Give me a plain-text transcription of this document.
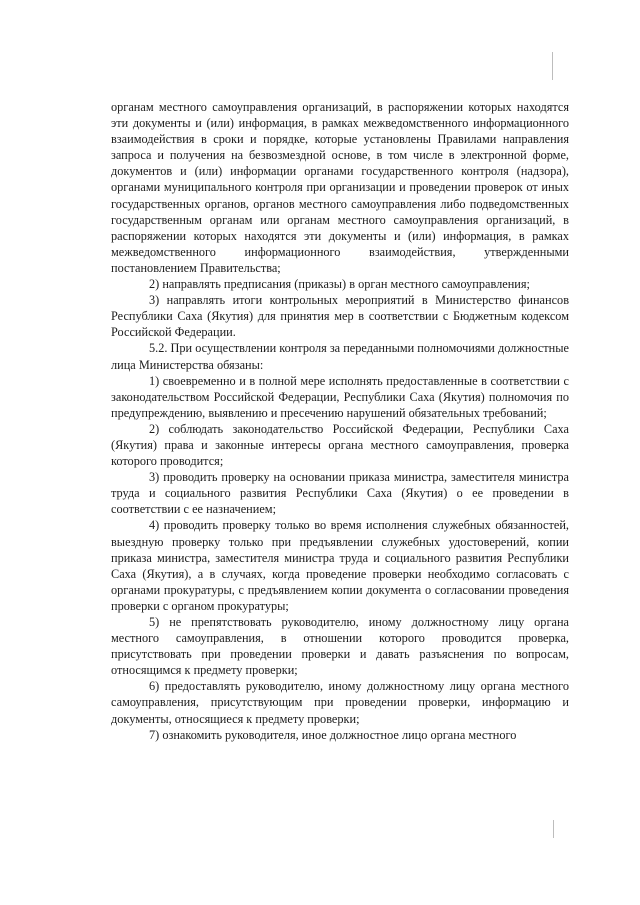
органам местного самоуправления организаций, в распоряжении которых находятся эти документы и (или) информация, в рамках межведомственного информационного взаимодействия в сроки и порядке, которые установлены Правилами направления запроса и получения на безвозмездной основе, в том числе в электронной форме, документов и (или) информации органами государственного контроля (надзора), органами муниципального контроля при организации и проведении проверок от иных государственных органов, органов местного самоуправления либо подведомственных государственным органам или органам местного самоуправления организаций, в распоряжении которых находятся эти документы и (или) информация, в рамках межведомственного информационного взаимодействия, утвержденными постановлением Правительства;

2) направлять предписания (приказы) в орган местного самоуправления;

3) направлять итоги контрольных мероприятий в Министерство финансов Республики Саха (Якутия) для принятия мер в соответствии с Бюджетным кодексом Российской Федерации.

5.2. При осуществлении контроля за переданными полномочиями должностные лица Министерства обязаны:

1) своевременно и в полной мере исполнять предоставленные в соответствии с законодательством Российской Федерации, Республики Саха (Якутия) полномочия по предупреждению, выявлению и пресечению нарушений обязательных требований;

2) соблюдать законодательство Российской Федерации, Республики Саха (Якутия) права и законные интересы органа местного самоуправления, проверка которого проводится;

3) проводить проверку на основании приказа министра, заместителя министра труда и социального развития Республики Саха (Якутия) о ее проведении в соответствии с ее назначением;

4) проводить проверку только во время исполнения служебных обязанностей, выездную проверку только при предъявлении служебных удостоверений, копии приказа министра, заместителя министра труда и социального развития Республики Саха (Якутия), а в случаях, когда проведение проверки необходимо согласовать с органами прокуратуры, с предъявлением копии документа о согласовании проведения проверки с органом прокуратуры;

5) не препятствовать руководителю, иному должностному лицу органа местного самоуправления, в отношении которого проводится проверка, присутствовать при проведении проверки и давать разъяснения по вопросам, относящимся к предмету проверки;

6) предоставлять руководителю, иному должностному лицу органа местного самоуправления, присутствующим при проведении проверки, информацию и документы, относящиеся к предмету проверки;

7) ознакомить руководителя, иное должностное лицо органа местного
